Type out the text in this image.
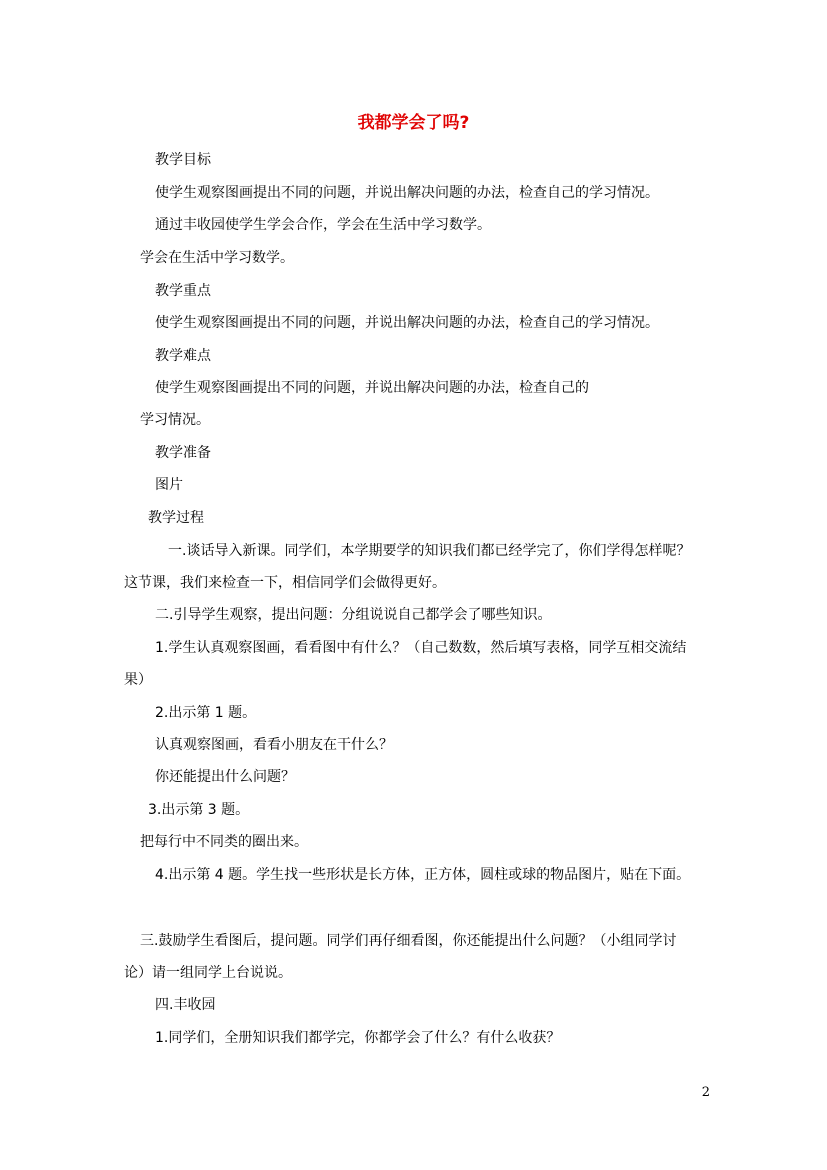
我都学会了吗?
教学目标
使学生观察图画提出不同的问题，并说出解决问题的办法，检查自己的学习情况。
通过丰收园使学生学会合作，学会在生活中学习数学。
学会在生活中学习数学。
教学重点
使学生观察图画提出不同的问题，并说出解决问题的办法，检查自己的学习情况。
教学难点
使学生观察图画提出不同的问题，并说出解决问题的办法，检查自己的
学习情况。
教学准备
图片
教学过程
一.谈话导入新课。同学们，本学期要学的知识我们都已经学完了，你们学得怎样呢？
这节课，我们来检查一下，相信同学们会做得更好。
二.引导学生观察，提出问题：分组说说自己都学会了哪些知识。
1.学生认真观察图画，看看图中有什么？（自己数数，然后填写表格，同学互相交流结
果）
2.出示第 1 题。
认真观察图画，看看小朋友在干什么？
你还能提出什么问题？
3.出示第 3 题。
把每行中不同类的圈出来。
4.出示第 4 题。学生找一些形状是长方体，正方体，圆柱或球的物品图片，贴在下面。
三.鼓励学生看图后，提问题。同学们再仔细看图，你还能提出什么问题？（小组同学讨
论）请一组同学上台说说。
四.丰收园
1.同学们，全册知识我们都学完，你都学会了什么？有什么收获？
2
